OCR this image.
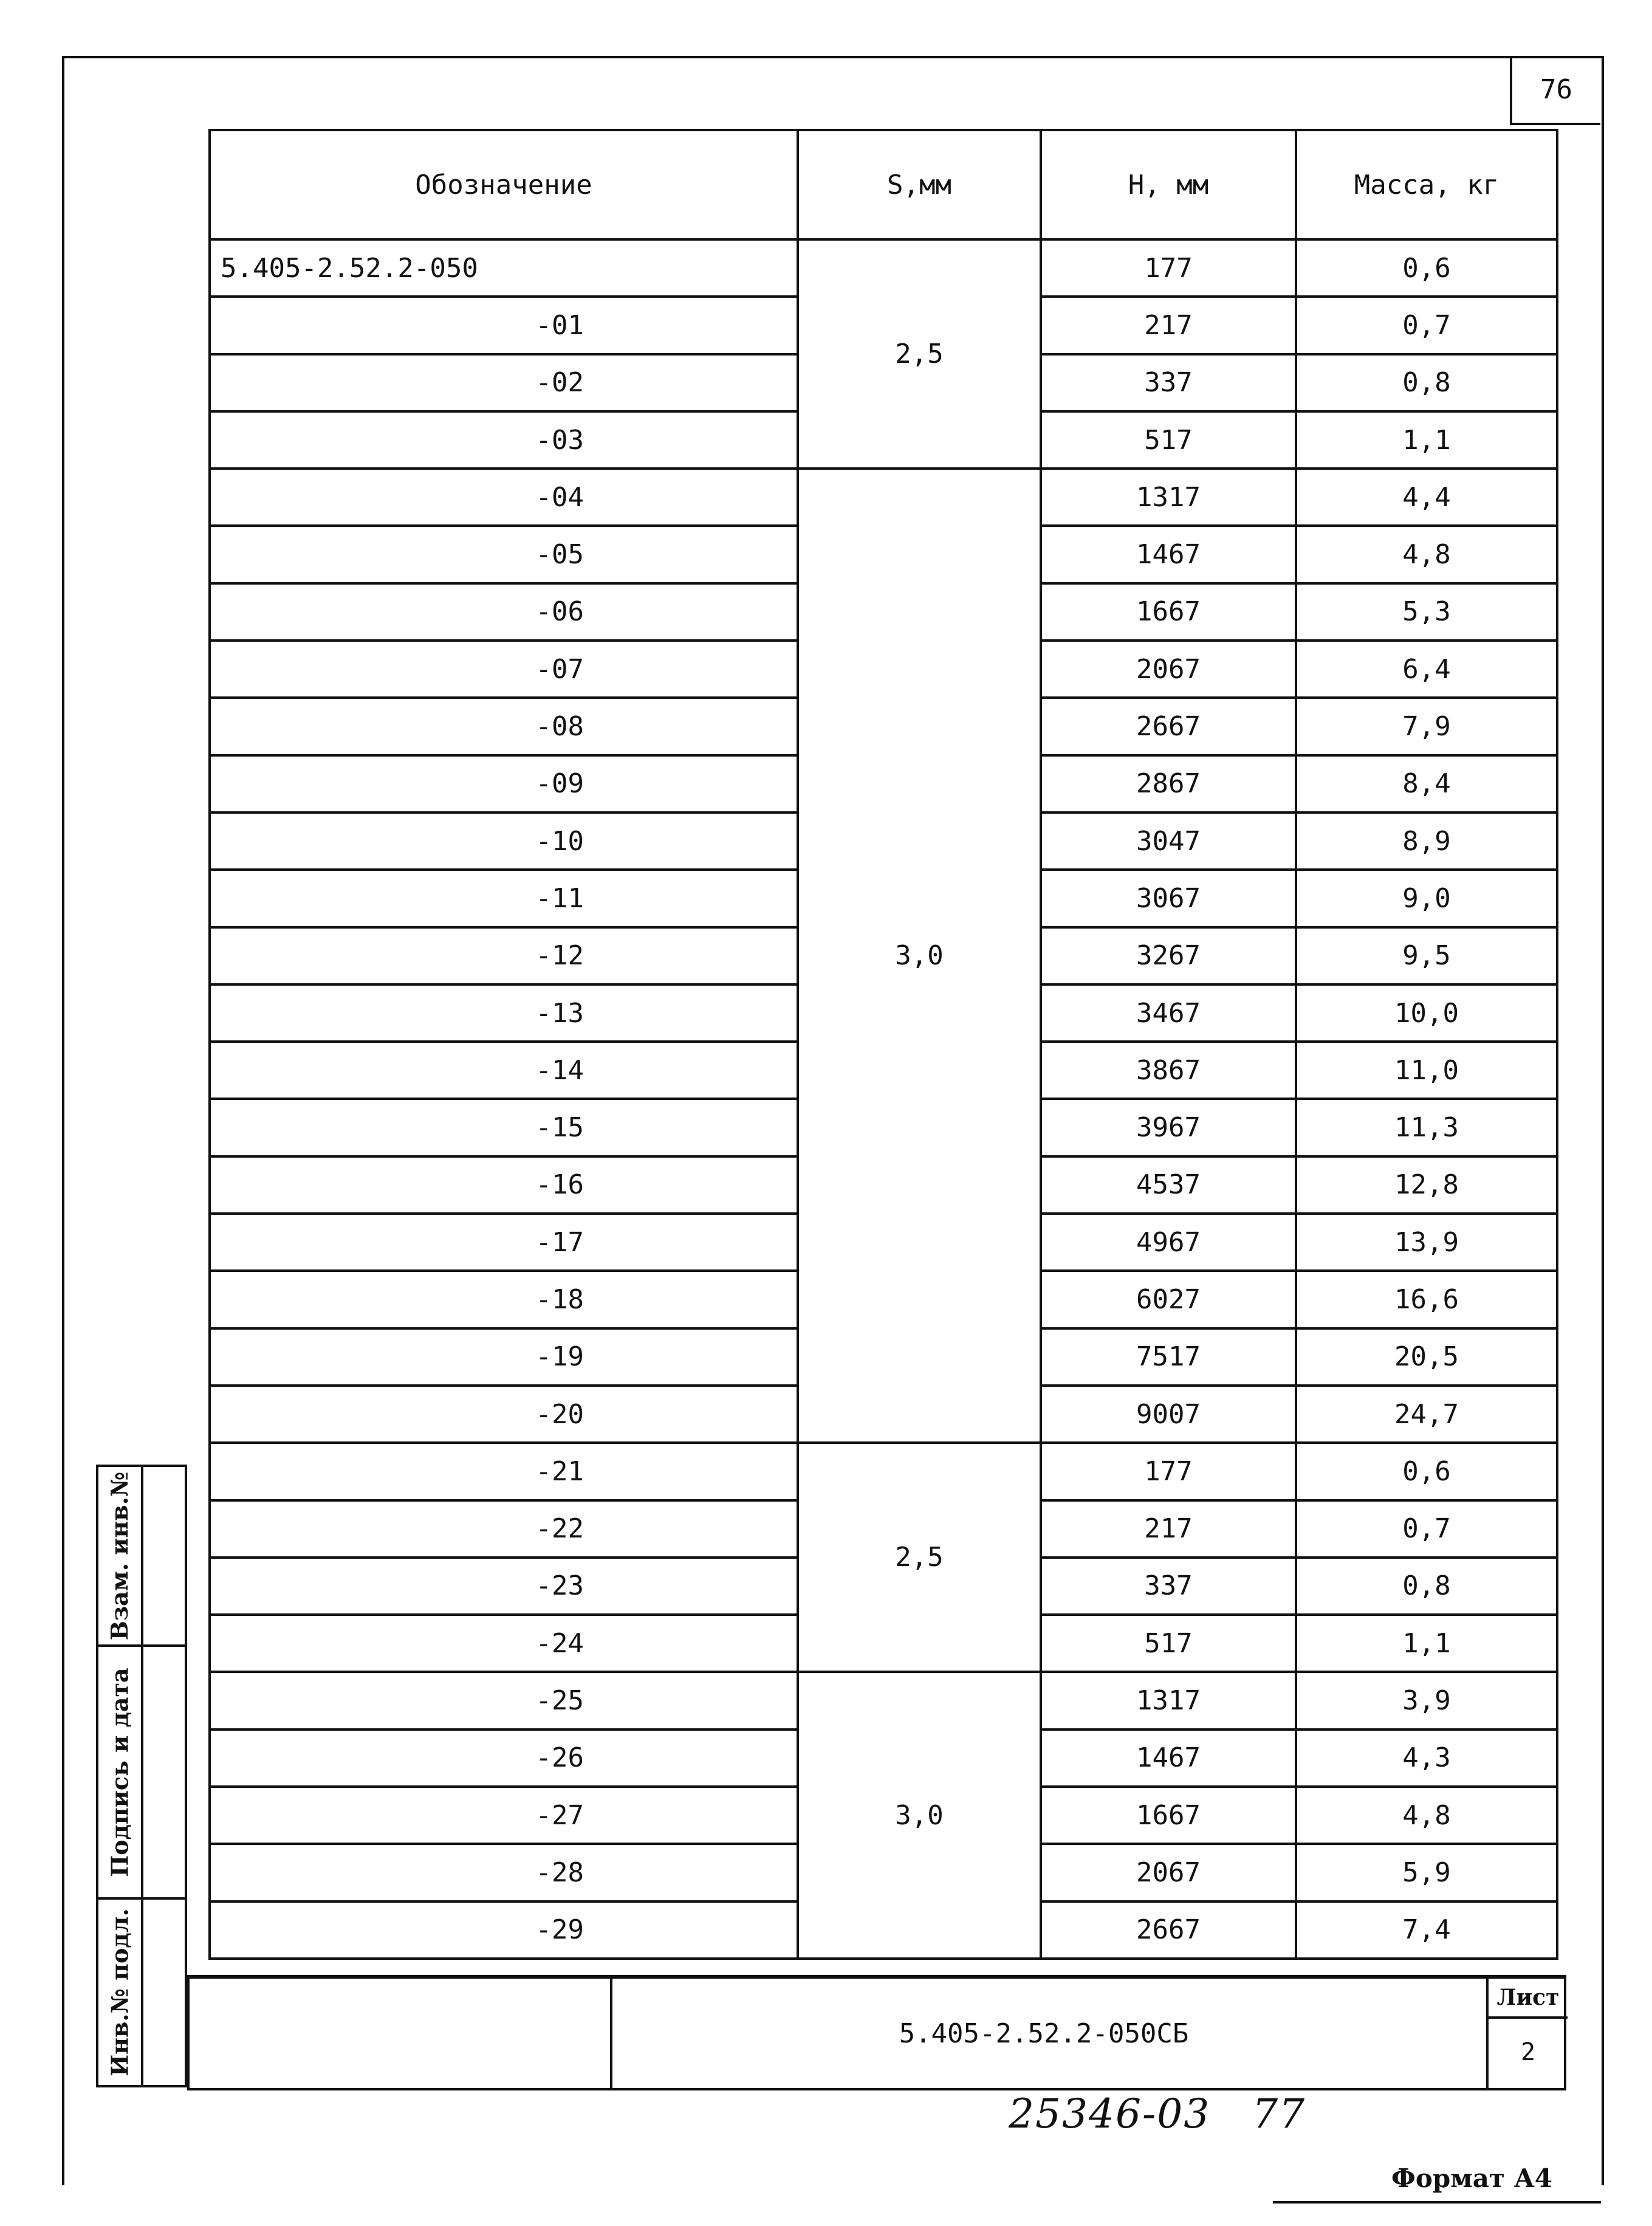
76
Обозначение	S,мм	H, мм	Масса, кг
5.405-2.52.2-050	2,5	177	0,6
-01		217	0,7
-02		337	0,8
-03		517	1,1
-04	3,0	1317	4,4
-05		1467	4,8
-06		1667	5,3
-07		2067	6,4
-08		2667	7,9
-09		2867	8,4
-10		3047	8,9
-11		3067	9,0
-12		3267	9,5
-13		3467	10,0
-14		3867	11,0
-15		3967	11,3
-16		4537	12,8
-17		4967	13,9
-18		6027	16,6
-19		7517	20,5
-20		9007	24,7
-21	2,5	177	0,6
-22		217	0,7
-23		337	0,8
-24		517	1,1
-25	3,0	1317	3,9
-26		1467	4,3
-27		1667	4,8
-28		2067	5,9
-29		2667	7,4
Взам. инв.№
Подпись и дата
Инв.№ подл.	5.405-2.52.2-050СБ
Лист
2
25346-03   77
Формат А4
